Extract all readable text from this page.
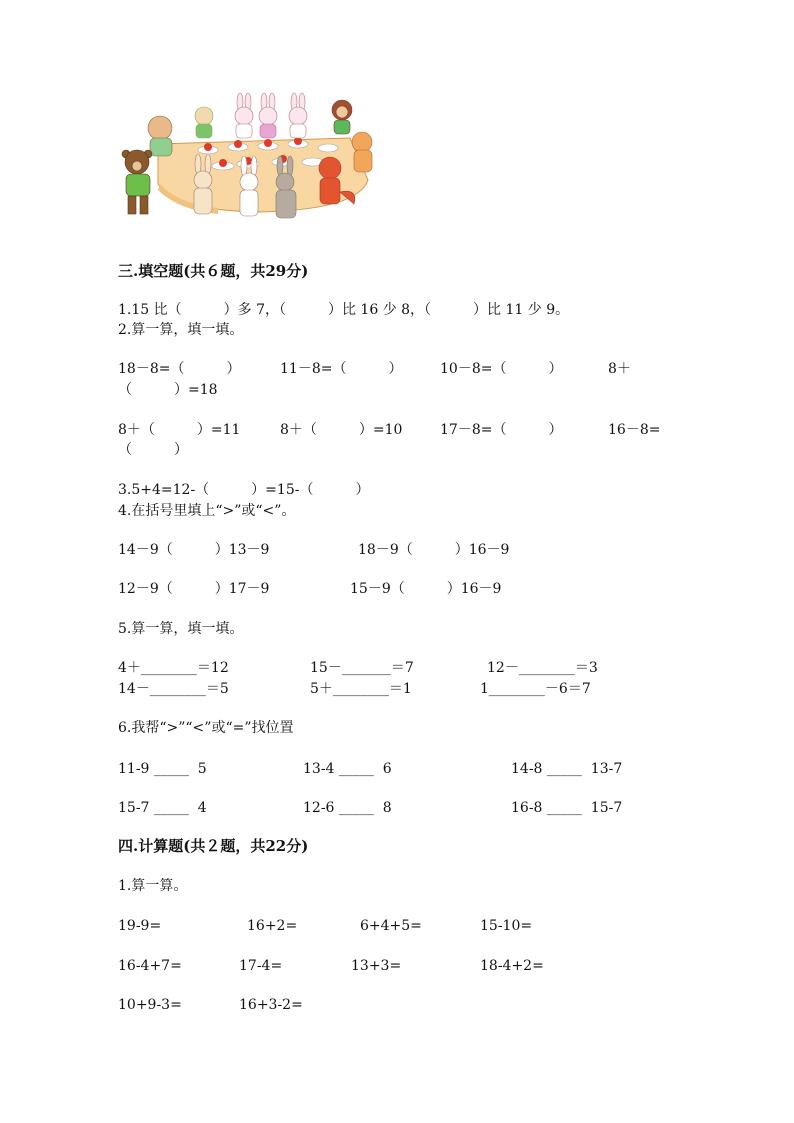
三.填空题(共６题，共29分)
1.15 比（　　　）多 7，（　　　）比 16 少 8，（　　　）比 11 少 9。
2.算一算，填一填。
18－8=（　　　）	11－8=（　　　）	10－8=（　　　）	8＋
（　　　）=18
8＋（　　　）=11	8＋（　　　）=10	17－8=（　　　）	16－8=
（　　　）
3.5+4=12-（　　　）=15-（　　　）
4.在括号里填上“>”或“<”。
14－9（　　　）13－9	18－9（　　　）16－9
12－9（　　　）17－9	15－9（　　　）16－9
5.算一算，填一填。
4＋________＝12	15－_______＝7	12－________＝3
14－________＝5	5＋________＝1	1________－6＝7
6.我帮“>”“<”或“=”找位置
11-9 _____  5	13-4 _____  6	14-8 _____  13-7
15-7 _____  4	12-6 _____  8	16-8 _____  15-7
四.计算题(共２题，共22分)
1.算一算。
19-9=	16+2=	6+4+5=	15-10=
16-4+7=	17-4=	13+3=	18-4+2=
10+9-3=	16+3-2=
